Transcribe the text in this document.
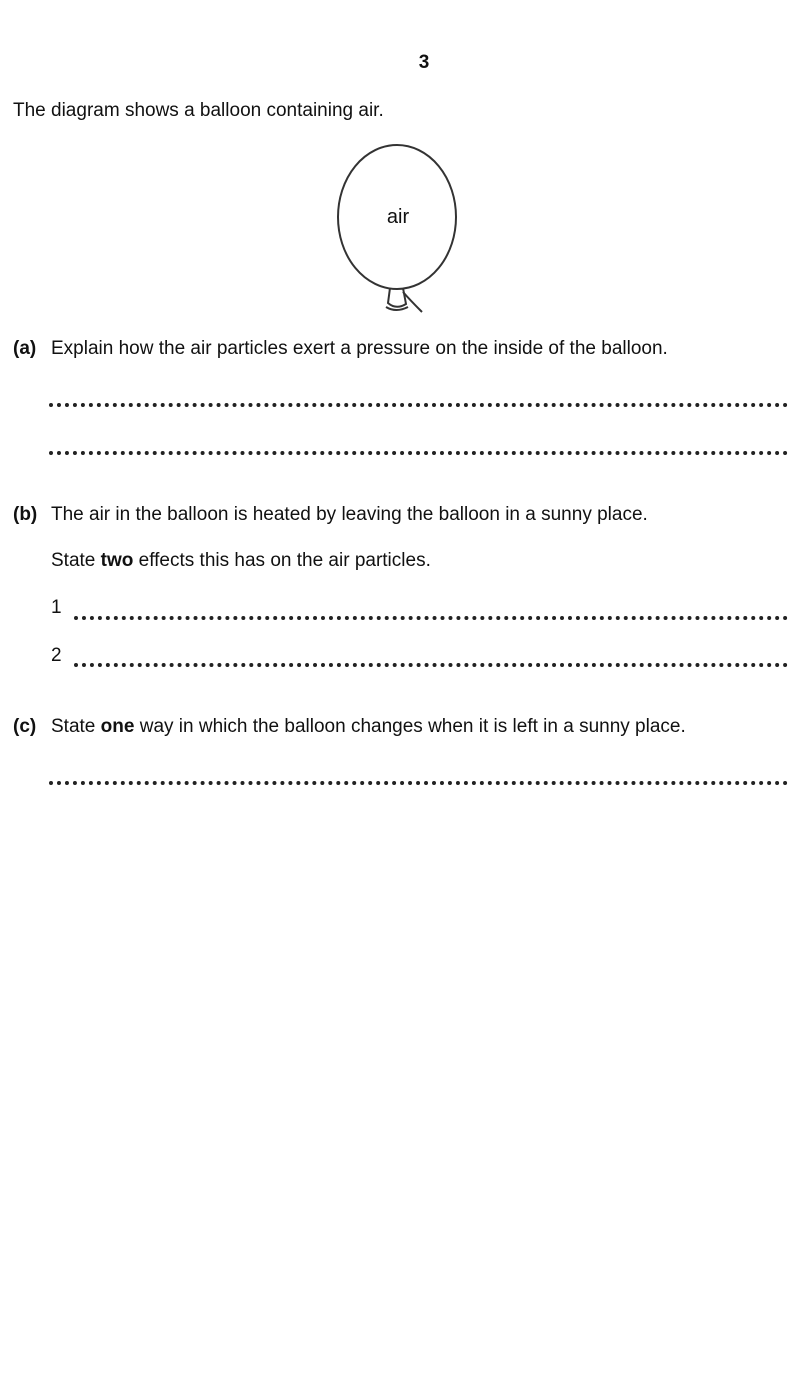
3
The diagram shows a balloon containing air.
air
(a) Explain how the air particles exert a pressure on the inside of the balloon.
(b) The air in the balloon is heated by leaving the balloon in a sunny place.
State two effects this has on the air particles.
1
2
(c) State one way in which the balloon changes when it is left in a sunny place.
